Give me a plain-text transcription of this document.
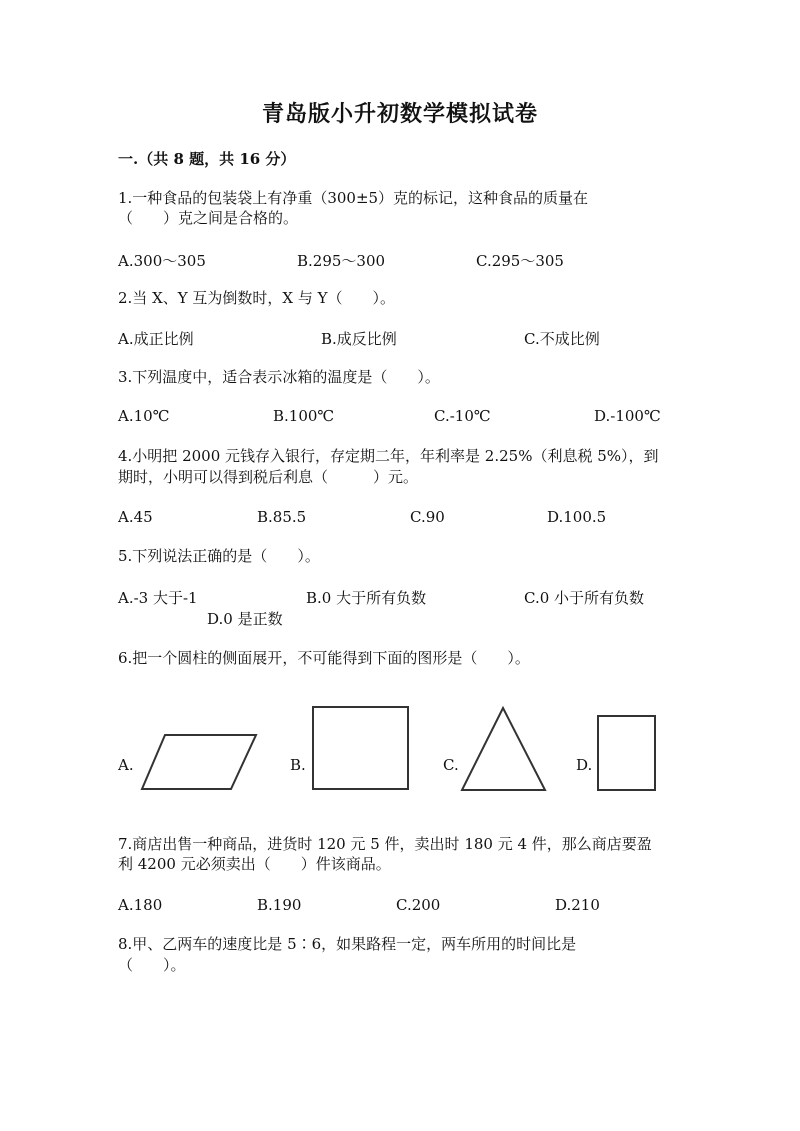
青岛版小升初数学模拟试卷
一.（共 8 题，共 16 分）
1.一种食品的包装袋上有净重（300±5）克的标记，这种食品的质量在
（　　）克之间是合格的。
A.300～305	B.295～300	C.295～305
2.当 X、Y 互为倒数时，X 与 Y（　　）。
A.成正比例	B.成反比例	C.不成比例
3.下列温度中，适合表示冰箱的温度是（　　）。
A.10℃	B.100℃	C.-10℃	D.-100℃
4.小明把 2000 元钱存入银行，存定期二年，年利率是 2.25%（利息税 5%），到
期时，小明可以得到税后利息（　　　）元。
A.45	B.85.5	C.90	D.100.5
5.下列说法正确的是（　　）。
A.-3 大于-1	B.0 大于所有负数	C.0 小于所有负数
D.0 是正数
6.把一个圆柱的侧面展开，不可能得到下面的图形是（　　）。
A.	B.	C.	D.
7.商店出售一种商品，进货时 120 元 5 件，卖出时 180 元 4 件，那么商店要盈
利 4200 元必须卖出（　　）件该商品。
A.180	B.190	C.200	D.210
8.甲、乙两车的速度比是 5∶6，如果路程一定，两车所用的时间比是
（　　）。
